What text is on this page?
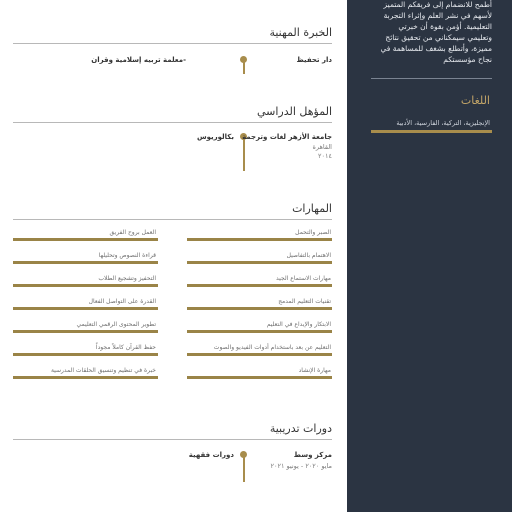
أطمح للانضمام إلى فريقكم المتميز
لأسهم في نشر العلم وإثراء التجربة
التعليمية. أؤمن بقوة أن خبرتي
وتعليمي سيمكناني من تحقيق نتائج
مميزة، وأتطلع بشغف للمساهمة في
نجاح مؤسستكم
اللغات
الإنجليزية، التركية، الفارسية، الأدبية
الخبرة المهنية
دار تحفيظ
-معلمة تربيه إسلامية وقران
المؤهل الدراسي
جامعة الأزهر لغات وترجمة
القاهرة
٢٠١٤
بكالوريوس
المهارات
الصبر والتحمل
العمل بروح الفريق
الاهتمام بالتفاصيل
قراءة النصوص وتحليلها
مهارات الاستماع الجيد
التحفيز وتشجيع الطلاب
تقنيات التعليم المدمج
القدرة على التواصل الفعال
الابتكار والإبداع في التعليم
تطوير المحتوى الرقمي التعليمي
التعليم عن بعد باستخدام أدوات الفيديو والصوت
حفظ القرآن كاملاً مجوداً
مهارة الإنشاد
خبرة في تنظيم وتنسيق الحلقات المدرسية
دورات تدريبية
مركز وسط
مايو ٢٠٢٠ - يونيو ٢٠٢١
دورات فقهية
